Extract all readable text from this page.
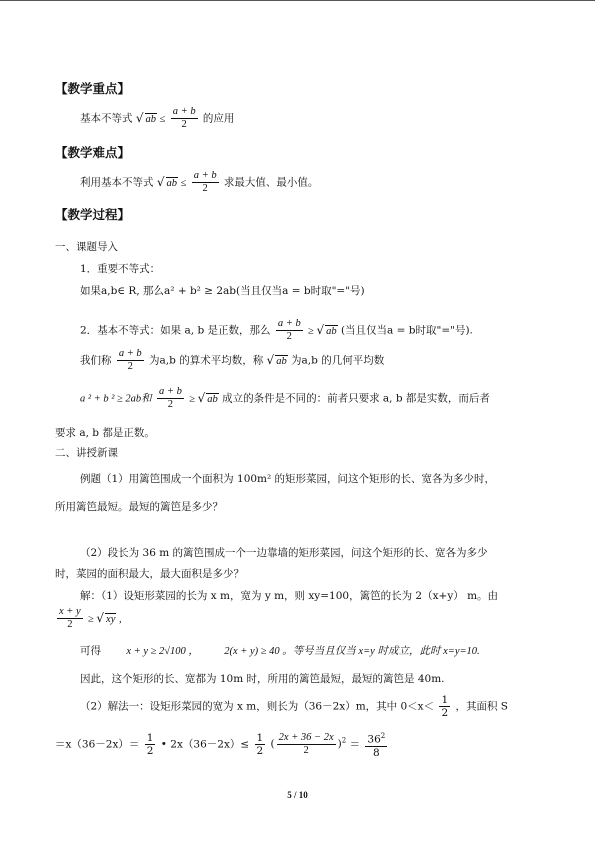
【教学重点】
基本不等式 √ ab ≤ $\frac{a + b}{2}$ 的应用
【教学难点】
利用基本不等式 √ ab ≤ $\frac{a + b}{2}$ 求最大值、最小值。
【教学过程】
一、课题导入
1．重要不等式：
如果a,b∈ R, 那么a² + b² ≥ 2ab(当且仅当a = b时取"="号)
2．基本不等式：如果 a, b 是正数，那么 $\frac{a + b}{2}$ ≥ √ ab (当且仅当a = b时取"="号).
我们称 $\frac{a + b}{2}$ 为a,b 的算术平均数，称 √ ab 为a,b 的几何平均数
a ² + b ² ≥ 2ab和 $\frac{a + b}{2}$ ≥ √ ab 成立的条件是不同的：前者只要求 a, b 都是实数，而后者
要求 a, b 都是正数。
二、讲授新课
例题（1）用篱笆围成一个面积为 100m² 的矩形菜园，问这个矩形的长、宽各为多少时，
所用篱笆最短。最短的篱笆是多少？
（2）段长为 36 m 的篱笆围成一个一边靠墙的矩形菜园，问这个矩形的长、宽各为多少
时，菜园的面积最大，最大面积是多少？
解：（1）设矩形菜园的长为 x m，宽为 y m，则 xy=100，篱笆的长为 2（x+y） m。由
$\frac{x + y}{2}$ ≥ √ xy ,
可得 x + y ≥ 2√100 ， 2(x + y) ≥ 40 。等号当且仅当 x=y 时成立，此时 x=y=10.
因此，这个矩形的长、宽都为 10m 时，所用的篱笆最短，最短的篱笆是 40m.
（2）解法一：设矩形菜园的宽为 x m，则长为（36－2x）m，其中 $0<x< \frac{1}{2}$ ，其面积 S
$=x(36-2x)= \frac{1}{2}$ • $2x(36-2x)\le \frac{1}{2}$ ( $\frac{2x + 36 - 2x}{2} )^2 = \frac{36^2}{8}$
5 / 10
